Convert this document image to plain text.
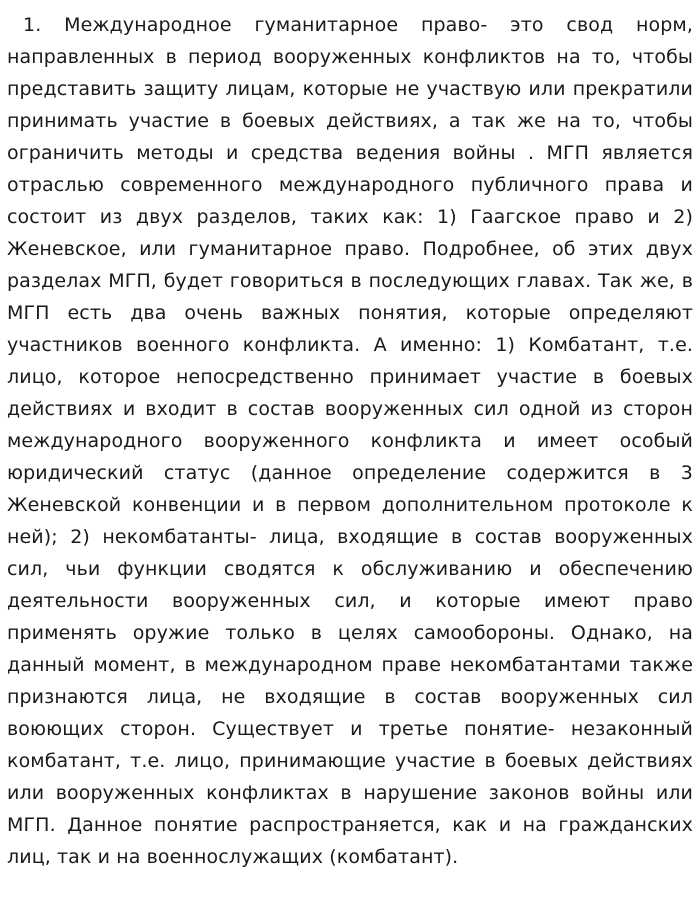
1. Международное гуманитарное право- это свод норм, направленных в период вооруженных конфликтов на то, чтобы представить защиту лицам, которые не участвую или прекратили принимать участие в боевых действиях, а так же на то, чтобы ограничить методы и средства ведения войны . МГП является отраслью современного международного публичного права и состоит из двух разделов, таких как: 1) Гаагское право и 2) Женевское, или гуманитарное право. Подробнее, об этих двух разделах МГП, будет говориться в последующих главах. Так же, в МГП есть два очень важных понятия, которые определяют участников военного конфликта. А именно: 1) Комбатант, т.е. лицо, которое непосредственно принимает участие в боевых действиях и входит в состав вооруженных сил одной из сторон международного вооруженного конфликта и имеет особый юридический статус (данное определение содержится в 3 Женевской конвенции и в первом дополнительном протоколе к ней); 2) некомбатанты- лица, входящие в состав вооруженных сил, чьи функции сводятся к обслуживанию и обеспечению деятельности вооруженных сил, и которые имеют право применять оружие только в целях самообороны. Однако, на данный момент, в международном праве некомбатантами также признаются лица, не входящие в состав вооруженных сил воюющих сторон. Существует и третье понятие- незаконный комбатант, т.е. лицо, принимающие участие в боевых действиях или вооруженных конфликтах в нарушение законов войны или МГП. Данное понятие распространяется, как и на гражданских лиц, так и на военнослужащих (комбатант).
